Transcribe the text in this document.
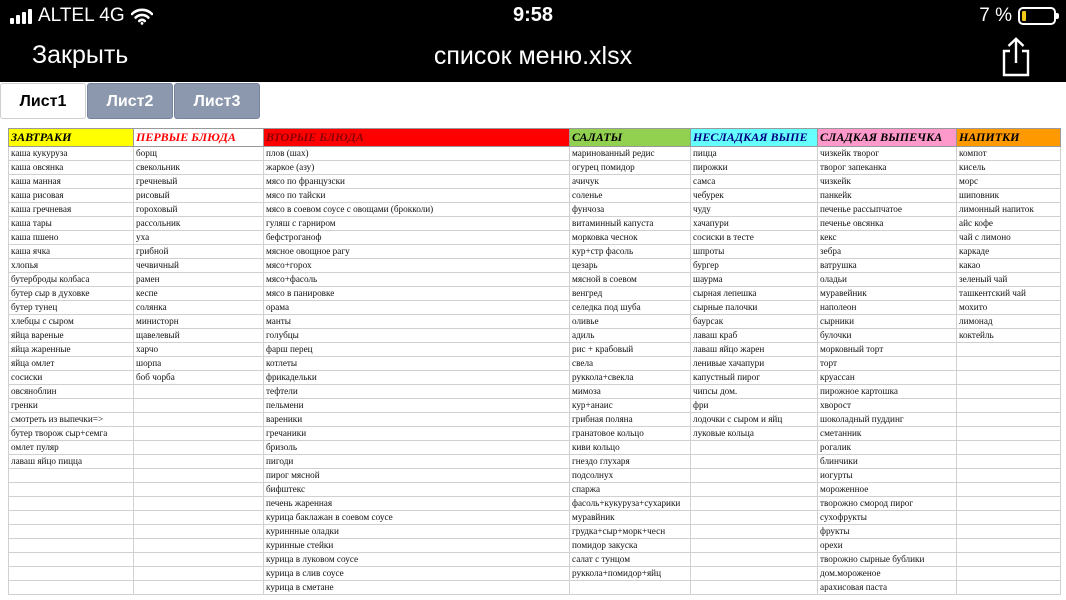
ALTEL 4G	9:58	7 %
Закрыть	список меню.xlsx
Лист1	Лист2	Лист3
ЗАВТРАКИ	ПЕРВЫЕ БЛЮДА	ВТОРЫЕ БЛЮДА	САЛАТЫ	НЕСЛАДКАЯ ВЫПЕ	СЛАДКАЯ ВЫПЕЧКА	НАПИТКИ
каша кукуруза	борщ	плов (шах)	маринованный редис	пицца	чизкейк творог	компот
каша овсянка	свекольник	жаркое (азу)	огурец помидор	пирожки	творог запеканка	кисель
каша манная	гречневый	мясо по французски	ачичук	самса	чизкейк	морс
каша рисовая	рисовый	мясо по тайски	соленье	чебурек	панкейк	шиповник
каша гречневая	гороховый	мясо в соевом соусе с овощами (брокколи)	фунчоза	чуду	печенье рассыпчатое	лимонный напиток
каша тары	рассольник	гуляш с гарниром	витаминный капуста	хачапури	печенье овсянка	айс кофе
каша пшено	уха	бефстроганоф	морковка чеснок	сосиски в тесте	кекс	чай с лимоно
каша ячка	грибной	мясное овощное рагу	кур+стр фасоль	шпроты	зебра	каркаде
хлопья	чечвичный	мясо+горох	цезарь	бургер	ватрушка	какао
бутерброды колбаса	рамен	мясо+фасоль	мясной в соевом	шаурма	оладьи	зеленый чай
бутер сыр в духовке	кеспе	мясо в панировке	венгред	сырная лепешка	муравейник	ташкентский чай
бутер тунец	солянка	орама	селедка под шуба	сырные палочки	наполеон	мохито
хлебцы с сыром	министорн	манты	оливье	баурсак	сырники	лимонад
яйца вареные	щавелевый	голубцы	адиль	лаваш краб	булочки	коктейль
яйца жаренные	харчо	фарш перец	рис + крабовый	лаваш яйцо жарен	морковный торт	
яйца омлет	шорпа	котлеты	свела	ленивые хачапури	торт	
сосиски	боб чорба	фрикадельки	руккола+свекла	капустный пирог	круассан	
овсяноблин		тефтели	мимоза	чипсы дом.	пирожное картошка	
гренки		пельмени	кур+анаис	фри	хворост	
смотреть из выпечки=>		вареники	грибная поляна	лодочки с сыром и яйц	шоколадный пуддинг	
бутер творож сыр+семга		гречаники	гранатовое кольцо	луковые кольца	сметанник	
омлет пуляр		бризоль	киви кольцо		рогалик	
лаваш яйцо пицца		пигоди	гнездо глухаря		блинчики	
		пирог мясной	подсолнух		иогурты	
		бифштекс	спаржа		мороженное	
		печень жаренная	фасоль+кукуруза+сухарики		творожно смород пирог	
		курица баклажан в соевом соусе	муравйник		сухофрукты	
		куриннные оладки	грудка+сыр+морк+чесн		фрукты	
		куринные стейки	помидор закуска		орехи	
		курица в луковом соусе	салат с тунцом		творожно сырные бублики	
		курица в слив соусе	руккола+помидор+яйц		дом.мороженое	
		курица в сметане			арахисовая паста	
